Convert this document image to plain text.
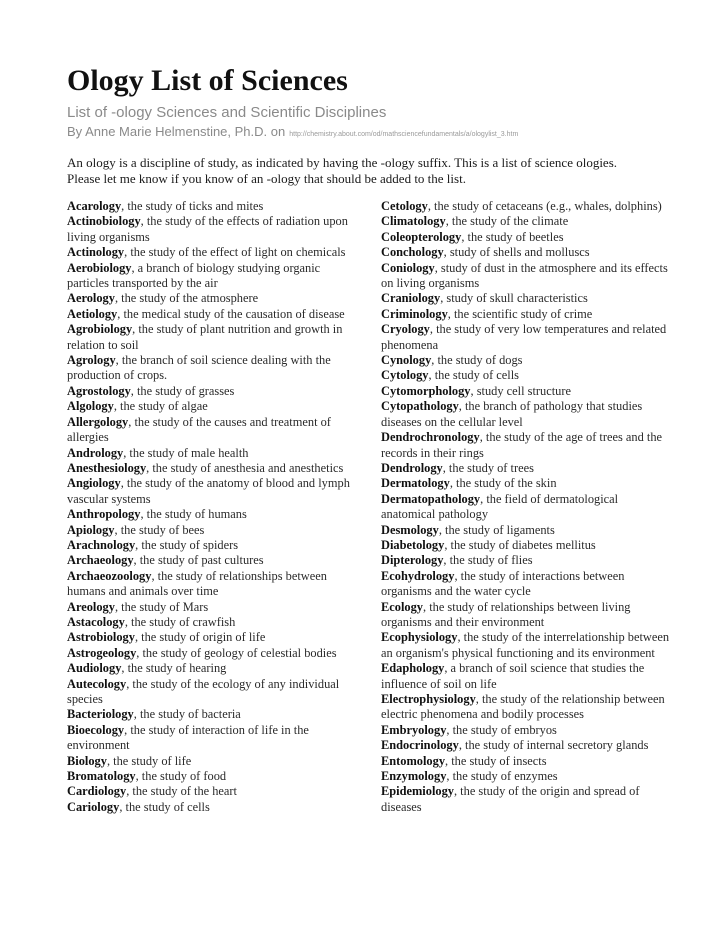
Ology List of Sciences

List of -ology Sciences and Scientific Disciplines

By Anne Marie Helmenstine, Ph.D. on http://chemistry.about.com/od/mathsciencefundamentals/a/ologylist_3.htm

An ology is a discipline of study, as indicated by having the -ology suffix. This is a list of science ologies. Please let me know if you know of an -ology that should be added to the list.

Acarology, the study of ticks and mites

Actinobiology, the study of the effects of radiation upon living organisms

Actinology, the study of the effect of light on chemicals

Aerobiology, a branch of biology studying organic particles transported by the air

Aerology, the study of the atmosphere

Aetiology, the medical study of the causation of disease

Agrobiology, the study of plant nutrition and growth in relation to soil

Agrology, the branch of soil science dealing with the production of crops.

Agrostology, the study of grasses

Algology, the study of algae

Allergology, the study of the causes and treatment of allergies

Andrology, the study of male health

Anesthesiology, the study of anesthesia and anesthetics

Angiology, the study of the anatomy of blood and lymph vascular systems

Anthropology, the study of humans

Apiology, the study of bees

Arachnology, the study of spiders

Archaeology, the study of past cultures

Archaeozoology, the study of relationships between humans and animals over time

Areology, the study of Mars

Astacology, the study of crawfish

Astrobiology, the study of origin of life

Astrogeology, the study of geology of celestial bodies

Audiology, the study of hearing

Autecology, the study of the ecology of any individual species

Bacteriology, the study of bacteria

Bioecology, the study of interaction of life in the environment

Biology, the study of life

Bromatology, the study of food

Cardiology, the study of the heart

Cariology, the study of cells

Cetology, the study of cetaceans (e.g., whales, dolphins)

Climatology, the study of the climate

Coleopterology, the study of beetles

Conchology, study of shells and molluscs

Coniology, study of dust in the atmosphere and its effects on living organisms

Craniology, study of skull characteristics

Criminology, the scientific study of crime

Cryology, the study of very low temperatures and related phenomena

Cynology, the study of dogs

Cytology, the study of cells

Cytomorphology, study cell structure

Cytopathology, the branch of pathology that studies diseases on the cellular level

Dendrochronology, the study of the age of trees and the records in their rings

Dendrology, the study of trees

Dermatology, the study of the skin

Dermatopathology, the field of dermatological anatomical pathology

Desmology, the study of ligaments

Diabetology, the study of diabetes mellitus

Dipterology, the study of flies

Ecohydrology, the study of interactions between organisms and the water cycle

Ecology, the study of relationships between living organisms and their environment

Ecophysiology, the study of the interrelationship between an organism's physical functioning and its environment

Edaphology, a branch of soil science that studies the influence of soil on life

Electrophysiology, the study of the relationship between electric phenomena and bodily processes

Embryology, the study of embryos

Endocrinology, the study of internal secretory glands

Entomology, the study of insects

Enzymology, the study of enzymes

Epidemiology, the study of the origin and spread of diseases
